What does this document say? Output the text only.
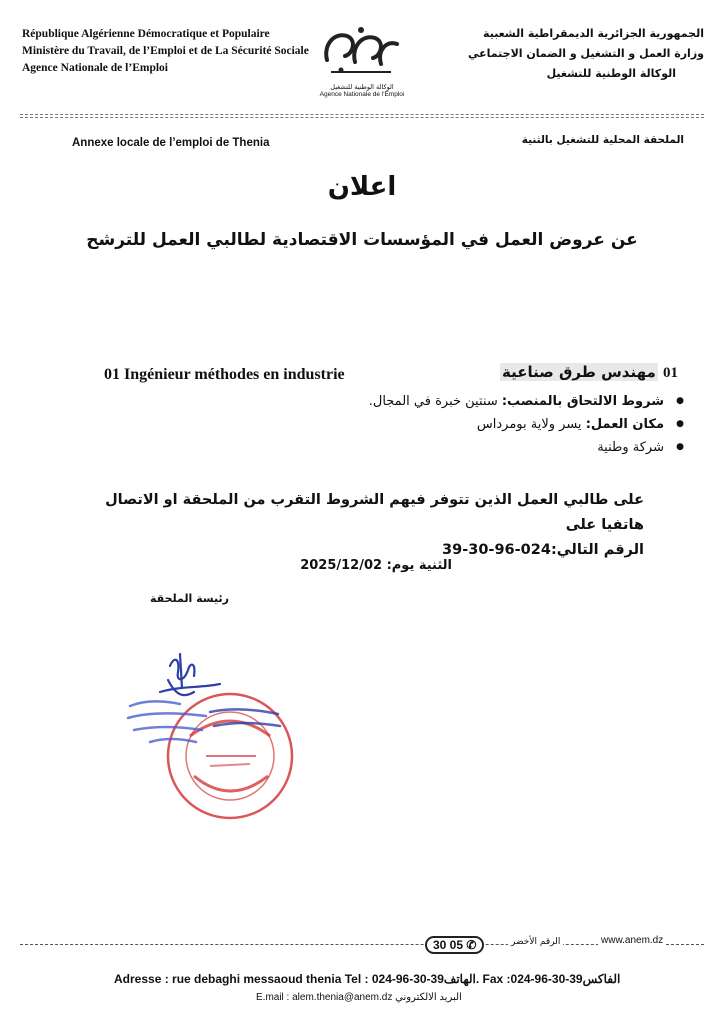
République Algérienne Démocratique et Populaire
Ministère du Travail, de l’Emploi et de La Sécurité Sociale
Agence Nationale de l’Emploi
الوكالة الوطنية للتشغيل
Agence Nationale de l'Emploi
الجمهورية الجزائرية الديمقراطية الشعبية
وزارة العمل و التشغيل و الضمان الاجتماعي
الوكالة الوطنية للتشغيل
Annexe locale de l’emploi de Thenia	الملحقة المحلية للتشغيل بالثنية
اعلان
عن عروض العمل في المؤسسات الاقتصادية لطالبي العمل للترشح
01 Ingénieur méthodes en industrie	01 مهندس طرق صناعية
● شروط الالتحاق بالمنصب: سنتين خبرة في المجال.
● مكان العمل: يسر ولاية بومرداس
● شركة وطنية
على طالبي العمل الذين تتوفر فيهم الشروط التقرب من الملحقة او الاتصال هاتفيا على
الرقم التالي:024-96-30-39
الثنية يوم: 2025/12/02
رئيسة الملحقة
30 05 ✆	الرقم الأخضر	www.anem.dz
Adresse : rue debaghi messaoud thenia Tel : 024-96-30-39الهاتف. Fax :024-96-30-39الفاكس
E.mail : alem.thenia@anem.dz البريد الالكتروني
